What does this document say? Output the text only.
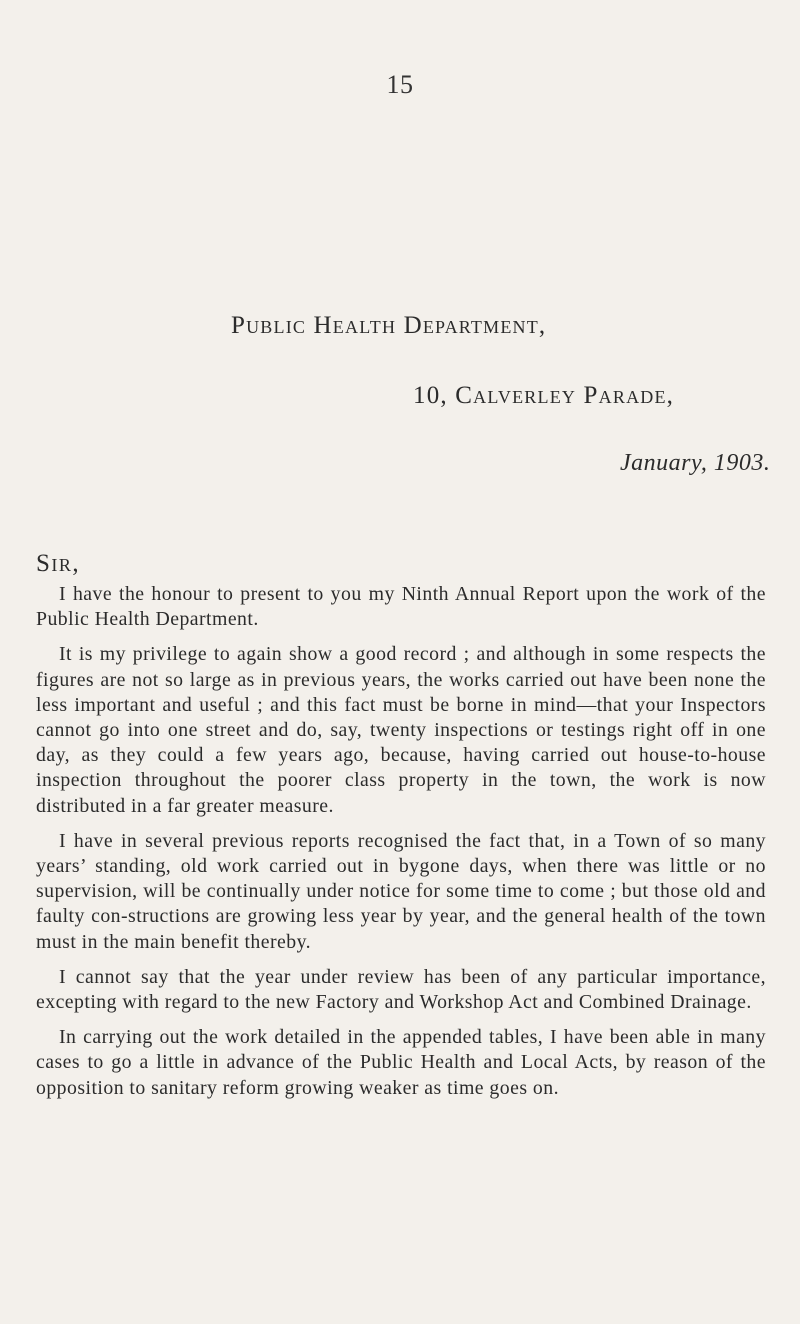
15
Public Health Department,
10, Calverley Parade,
January, 1903.
Sir,

I have the honour to present to you my Ninth Annual Report upon the work of the Public Health Department.

It is my privilege to again show a good record ; and although in some respects the figures are not so large as in previous years, the works carried out have been none the less important and useful ; and this fact must be borne in mind—that your Inspectors cannot go into one street and do, say, twenty inspections or testings right off in one day, as they could a few years ago, because, having carried out house-to-house inspection throughout the poorer class property in the town, the work is now distributed in a far greater measure.

I have in several previous reports recognised the fact that, in a Town of so many years’ standing, old work carried out in bygone days, when there was little or no supervision, will be continually under notice for some time to come ; but those old and faulty con-structions are growing less year by year, and the general health of the town must in the main benefit thereby.

I cannot say that the year under review has been of any particular importance, excepting with regard to the new Factory and Workshop Act and Combined Drainage.

In carrying out the work detailed in the appended tables, I have been able in many cases to go a little in advance of the Public Health and Local Acts, by reason of the opposition to sanitary reform growing weaker as time goes on.
